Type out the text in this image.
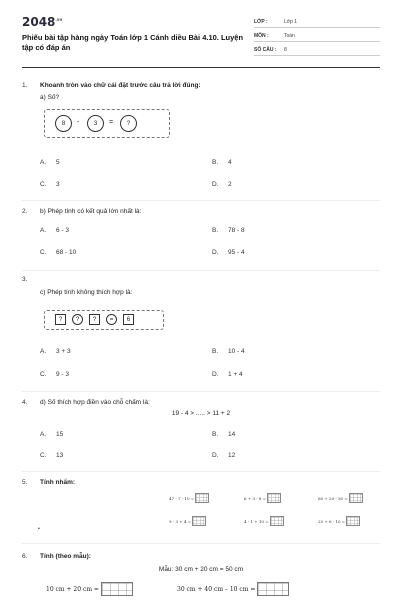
$2048^{.vn}$
Phiếu bài tập hàng ngày Toán lớp 1 Cánh diều Bài 4.10. Luyện tập có đáp án
LỚP :	Lớp 1
MÔN :	Toán
SỐ CÂU :	8
1. Khoanh tròn vào chữ cái đặt trước câu trả lời đúng:
a) Số?
8	-	3	=	?
A. 5	B. 4
C. 3	D. 2
2. b) Phép tính có kết quả lớn nhất là:
A. 6 - 3	B. 78 - 8
C. 68 - 10	D. 95 - 4
3.
c) Phép tính không thích hợp là:
?	?	?	=	6
A. 3 + 3	B. 10 - 4
C. 9 - 3	D. 1 + 4
4. d) Số thích hợp điền vào chỗ chấm là:
19 - 4 > ..... > 11 + 2
A. 15	B. 14
C. 13	D. 12
5. Tính nhẩm:
47 - 7 - 10 =	6 + 3 - 8 =	60 + 20 - 30 =
9 - 3 + 4 =	4 - 1 + 10 =	25 + 6 - 10 =
•
6. Tính (theo mẫu):
Mẫu: 30 cm + 20 cm = 50 cm
10 cm + 20 cm =	30 cm + 40 cm – 10 cm =
